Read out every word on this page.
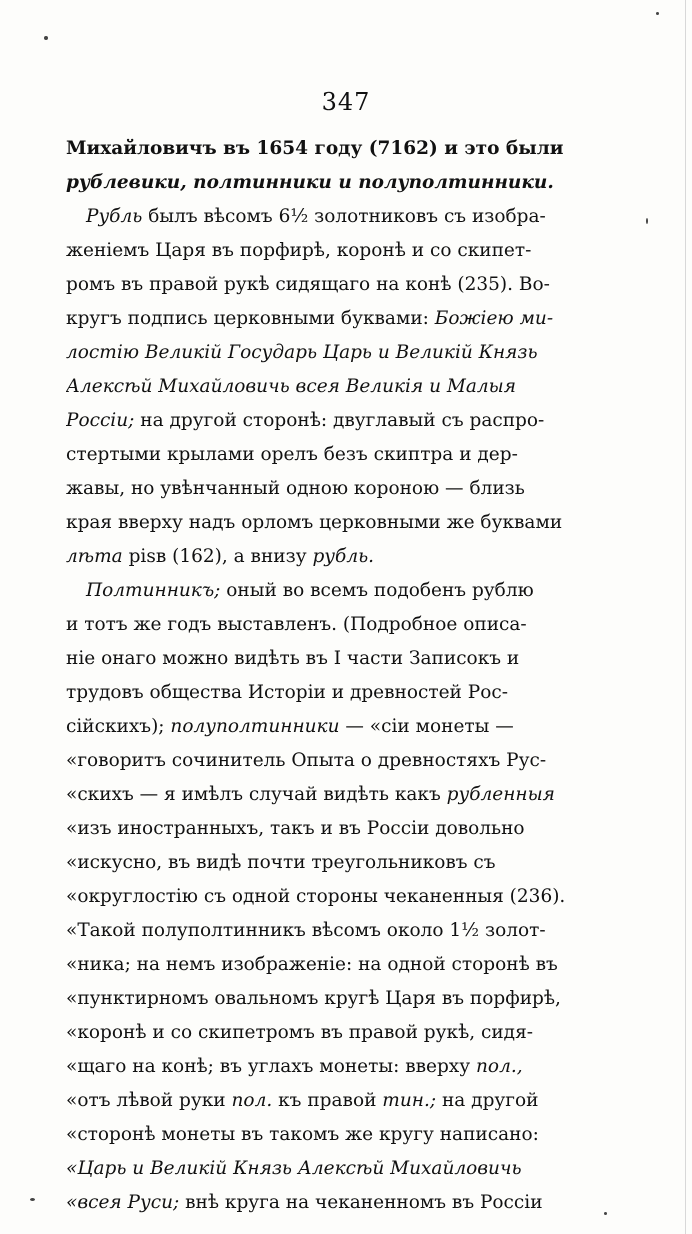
347
Михайловичъ въ 1654 году (7162) и это были
рублевики, полтинники и полуполтинники.
Рубль былъ вѣсомъ 6½ золотниковъ съ изобра-
женіемъ Царя въ порфирѣ, коронѣ и со скипет-
ромъ въ правой рукѣ сидящаго на конѣ (235). Во-
кругъ подпись церковными буквами: Божіею ми-
лостію Великій Государь Царь и Великій Князь
Алексѣй Михайловичь всея Великія и Малыя
Россіи; на другой сторонѣ: двуглавый съ распро-
стертыми крылами орелъ безъ скиптра и дер-
жавы, но увѣнчанный одною короною — близь
края вверху надъ орломъ церковными же буквами
лѣта ріѕв (162), а внизу рубль.
Полтинникъ; оный во всемъ подобенъ рублю
и тотъ же годъ выставленъ. (Подробное описа-
ніе онаго можно видѣть въ I части Записокъ и
трудовъ общества Исторіи и древностей Рос-
сійскихъ); полуполтинники — «сіи монеты —
«говоритъ сочинитель Опыта о древностяхъ Рус-
«скихъ — я имѣлъ случай видѣть какъ рубленныя
«изъ иностранныхъ, такъ и въ Россіи довольно
«искусно, въ видѣ почти треугольниковъ съ
«округлостію съ одной стороны чеканенныя (236).
«Такой полуполтинникъ вѣсомъ около 1½ золот-
«ника; на немъ изображеніе: на одной сторонѣ въ
«пунктирномъ овальномъ кругѣ Царя въ порфирѣ,
«коронѣ и со скипетромъ въ правой рукѣ, сидя-
«щаго на конѣ; въ углахъ монеты: вверху пол.,
«отъ лѣвой руки пол. къ правой тин.; на другой
«сторонѣ монеты въ такомъ же кругу написано:
«Царь и Великій Князь Алексѣй Михайловичь
«всея Руси; внѣ круга на чеканенномъ въ Россіи
